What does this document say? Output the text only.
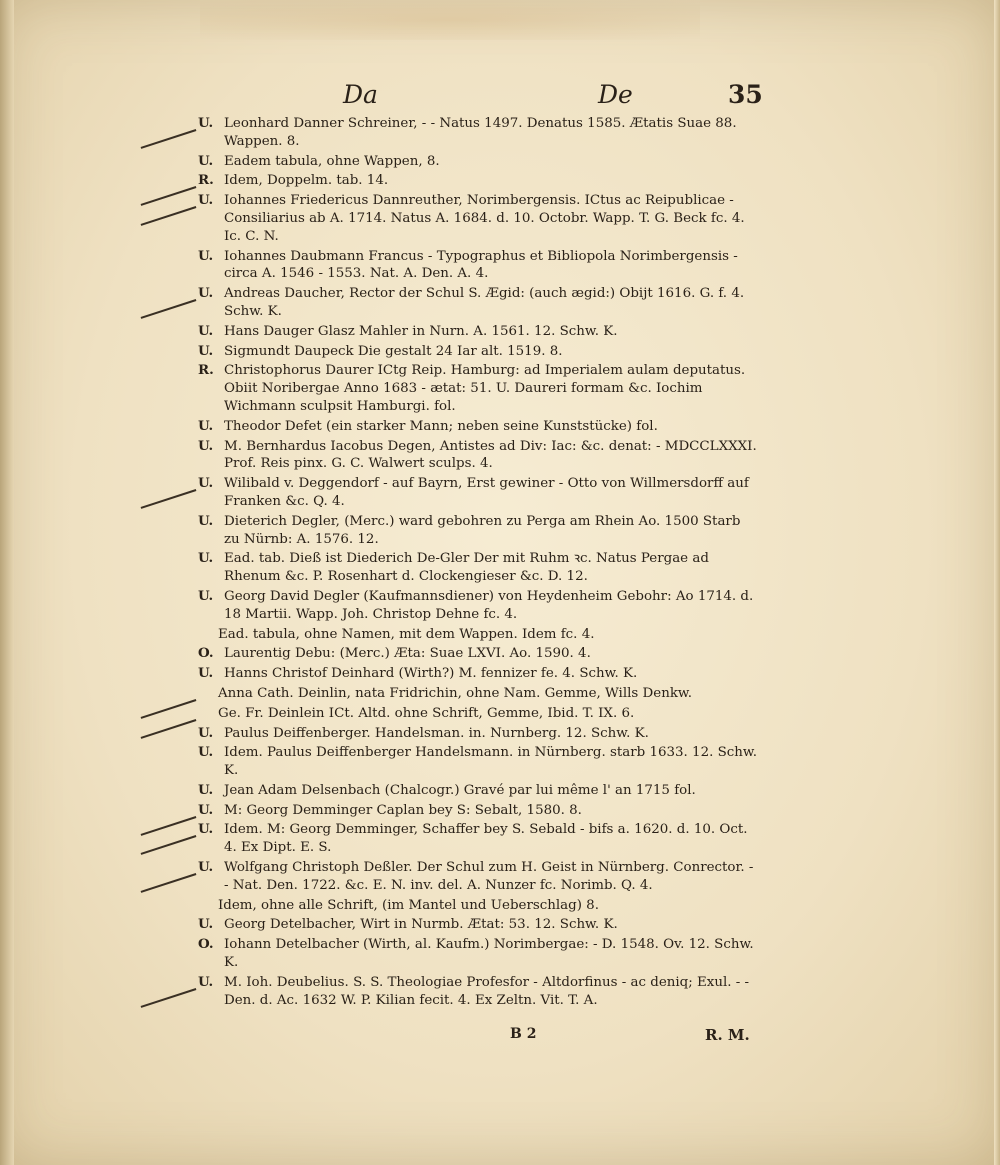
Da	De	35
U. Leonhard Danner Schreiner, - - Natus 1497. Denatus 1585. Ætatis Suae 88. Wappen. 8.
U. Eadem tabula, ohne Wappen, 8.
R. Idem, Doppelm. tab. 14.
U. Iohannes Friedericus Dannreuther, Norimbergensis. ICtus ac Reipublicae - Consiliarius ab A. 1714. Natus A. 1684. d. 10. Octobr. Wapp. T. G. Beck fc. 4. Ic. C. N.
U. Iohannes Daubmann Francus - Typographus et Bibliopola Norimbergensis - circa A. 1546 - 1553. Nat. A. Den. A. 4.
U. Andreas Daucher, Rector der Schul S. Ægid: (auch ægid:) Obijt 1616. G. f. 4. Schw. K.
U. Hans Dauger Glasz Mahler in Nurn. A. 1561. 12. Schw. K.
U. Sigmundt Daupeck Die gestalt 24 Iar alt. 1519. 8.
R. Christophorus Daurer ICtg Reip. Hamburg: ad Imperialem aulam deputatus. Obiit Noribergae Anno 1683 - ætat: 51. U. Daureri formam &c. Iochim Wichmann sculpsit Hamburgi. fol.
U. Theodor Defet (ein starker Mann; neben seine Kunststücke) fol.
U. M. Bernhardus Iacobus Degen, Antistes ad Div: Iac: &c. denat: - MDCCLXXXI. Prof. Reis pinx. G. C. Walwert sculps. 4.
U. Wilibald v. Deggendorf - auf Bayrn, Erst gewiner - Otto von Willmersdorff auf Franken &c. Q. 4.
U. Dieterich Degler, (Merc.) ward gebohren zu Perga am Rhein Ao. 1500 Starb zu Nürnb: A. 1576. 12.
U. Ead. tab. Dieß ist Diederich De-Gler Der mit Ruhm ꝛc. Natus Pergae ad Rhenum &c. P. Rosenhart d. Clockengieser &c. D. 12.
U. Georg David Degler (Kaufmannsdiener) von Heydenheim Gebohr: Ao 1714. d. 18 Martii. Wapp. Joh. Christop Dehne fc. 4.
Ead. tabula, ohne Namen, mit dem Wappen. Idem fc. 4.
O. Laurentig Debu: (Merc.) Æta: Suae LXVI. Ao. 1590. 4.
U. Hanns Christof Deinhard (Wirth?) M. fennizer fe. 4. Schw. K.
Anna Cath. Deinlin, nata Fridrichin, ohne Nam. Gemme, Wills Denkw.
Ge. Fr. Deinlein ICt. Altd. ohne Schrift, Gemme, Ibid. T. IX. 6.
U. Paulus Deiffenberger. Handelsman. in. Nurnberg. 12. Schw. K.
U. Idem. Paulus Deiffenberger Handelsmann. in Nürnberg. starb 1633. 12. Schw. K.
U. Jean Adam Delsenbach (Chalcogr.) Gravé par lui même l' an 1715 fol.
U. M: Georg Demminger Caplan bey S: Sebalt, 1580. 8.
U. Idem. M: Georg Demminger, Schaffer bey S. Sebald - bifs a. 1620. d. 10. Oct. 4. Ex Dipt. E. S.
U. Wolfgang Christoph Deßler. Der Schul zum H. Geist in Nürnberg. Conrector. - - Nat. Den. 1722. &c. E. N. inv. del. A. Nunzer fc. Norimb. Q. 4.
Idem, ohne alle Schrift, (im Mantel und Ueberschlag) 8.
U. Georg Detelbacher, Wirt in Nurmb. Ætat: 53. 12. Schw. K.
O. Iohann Detelbacher (Wirth, al. Kaufm.) Norimbergae: - D. 1548. Ov. 12. Schw. K.
U. M. Ioh. Deubelius. S. S. Theologiae Profesfor - Altdorfinus - ac deniq; Exul. - - Den. d. Ac. 1632 W. P. Kilian fecit. 4. Ex Zeltn. Vit. T. A.
B 2	R. M.
